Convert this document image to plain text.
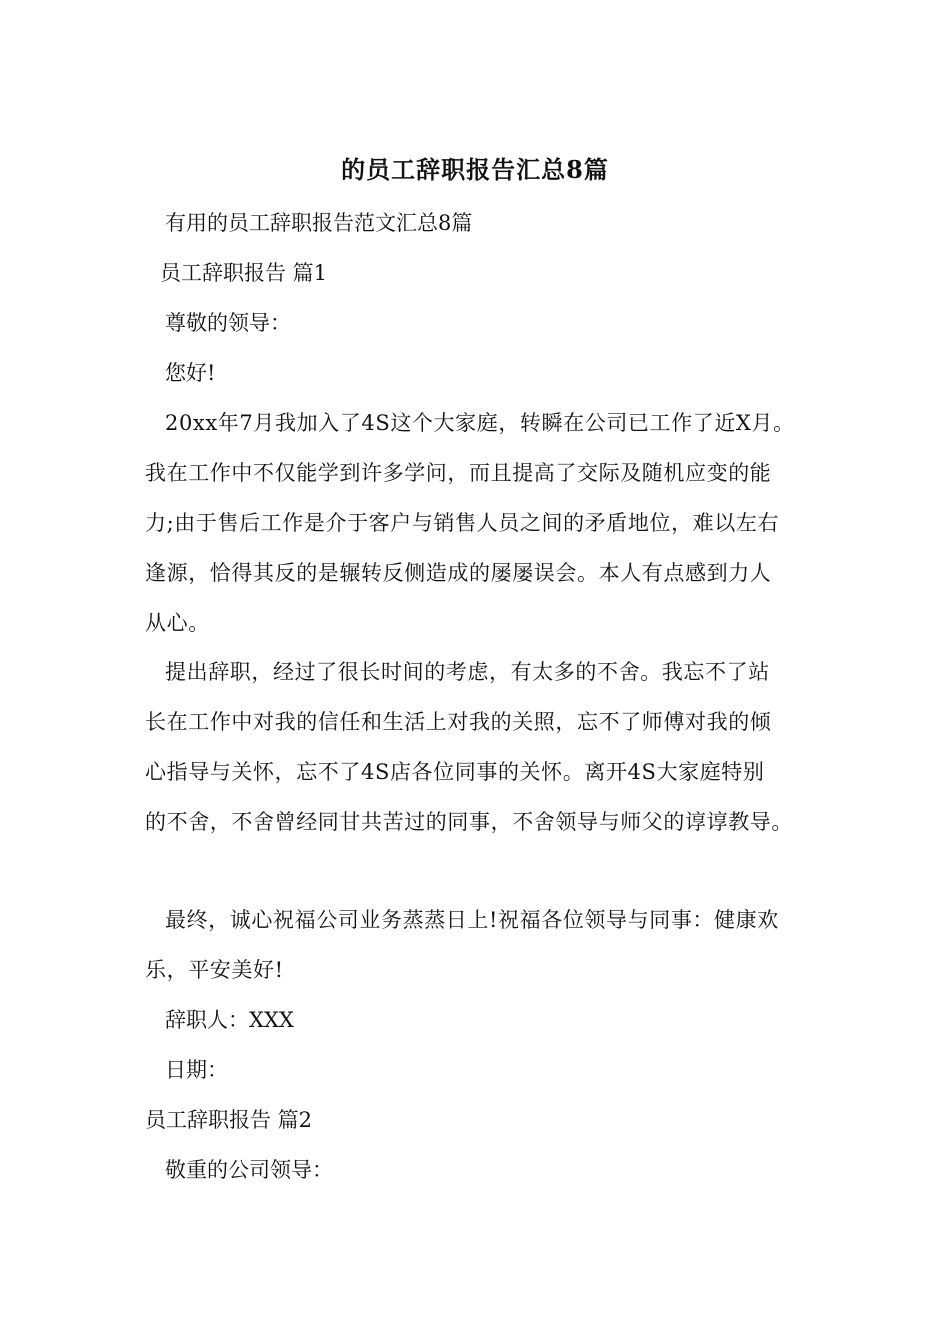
的员工辞职报告汇总8篇
有用的员工辞职报告范文汇总8篇
员工辞职报告 篇1
尊敬的领导：
您好!
20xx年7月我加入了4S这个大家庭，转瞬在公司已工作了近X月。
我在工作中不仅能学到许多学问，而且提高了交际及随机应变的能
力;由于售后工作是介于客户与销售人员之间的矛盾地位，难以左右
逢源，恰得其反的是辗转反侧造成的屡屡误会。本人有点感到力人
从心。
提出辞职，经过了很长时间的考虑，有太多的不舍。我忘不了站
长在工作中对我的信任和生活上对我的关照，忘不了师傅对我的倾
心指导与关怀，忘不了4S店各位同事的关怀。离开4S大家庭特别
的不舍，不舍曾经同甘共苦过的同事，不舍领导与师父的谆谆教导。
最终，诚心祝福公司业务蒸蒸日上!祝福各位领导与同事：健康欢
乐，平安美好!
辞职人：XXX
日期：
员工辞职报告 篇2
敬重的公司领导：
